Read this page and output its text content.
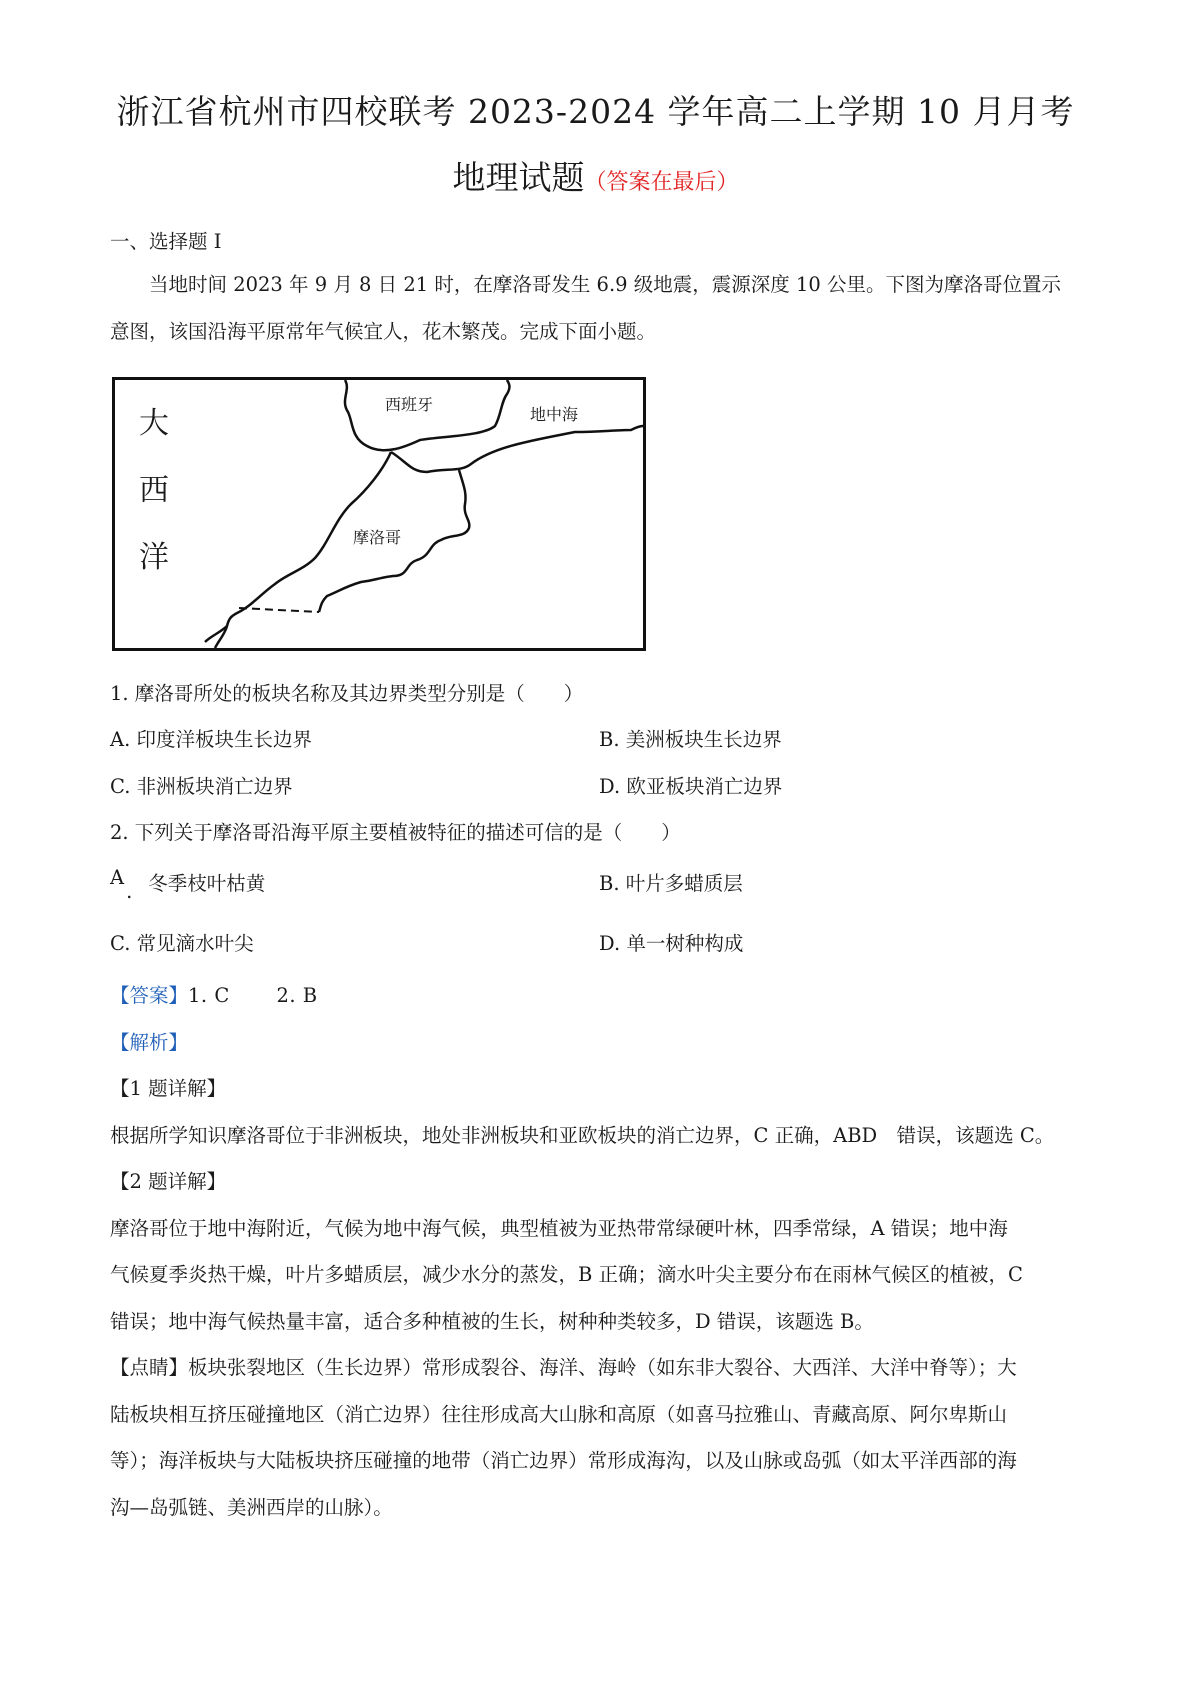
浙江省杭州市四校联考 2023-2024 学年高二上学期 10 月月考
地理试题（答案在最后）
一、选择题 I
当地时间 2023 年 9 月 8 日 21 时，在摩洛哥发生 6.9 级地震，震源深度 10 公里。下图为摩洛哥位置示
意图，该国沿海平原常年气候宜人，花木繁茂。完成下面小题。
大
西
洋
西班牙
地中海
摩洛哥
1. 摩洛哥所处的板块名称及其边界类型分别是（　　）
A. 印度洋板块生长边界	B. 美洲板块生长边界
C. 非洲板块消亡边界	D. 欧亚板块消亡边界
2. 下列关于摩洛哥沿海平原主要植被特征的描述可信的是（　　）
A. 冬季枝叶枯黄	B. 叶片多蜡质层
C. 常见滴水叶尖	D. 单一树种构成
【答案】1. C　　 2. B
【解析】
【1 题详解】
根据所学知识摩洛哥位于非洲板块，地处非洲板块和亚欧板块的消亡边界，C 正确，ABD　错误，该题选 C。
【2 题详解】
摩洛哥位于地中海附近，气候为地中海气候，典型植被为亚热带常绿硬叶林，四季常绿，A 错误；地中海
气候夏季炎热干燥，叶片多蜡质层，减少水分的蒸发，B 正确；滴水叶尖主要分布在雨林气候区的植被，C
错误；地中海气候热量丰富，适合多种植被的生长，树种种类较多，D 错误，该题选 B。
【点睛】板块张裂地区（生长边界）常形成裂谷、海洋、海岭（如东非大裂谷、大西洋、大洋中脊等）；大
陆板块相互挤压碰撞地区（消亡边界）往往形成高大山脉和高原（如喜马拉雅山、青藏高原、阿尔卑斯山
等）；海洋板块与大陆板块挤压碰撞的地带（消亡边界）常形成海沟，以及山脉或岛弧（如太平洋西部的海
沟—岛弧链、美洲西岸的山脉）。
